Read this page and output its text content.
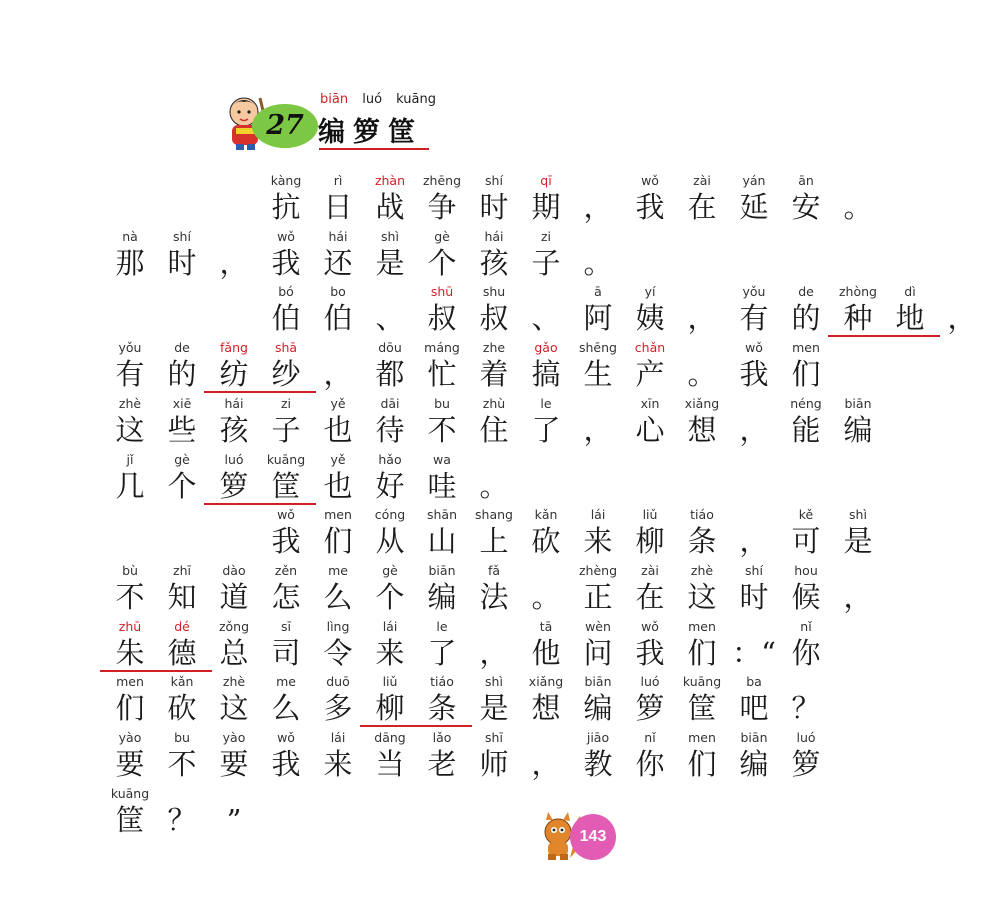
27
biān luó kuāng
编箩筐
kàng
抗
rì
日
zhàn
战
zhēng
争
shí
时
qī
期 ，
wǒ
我
zài
在
yán
延
ān
安 。
nà
那
shí
时 ，
wǒ
我
hái
还
shì
是
gè
个
hái
孩
zi
子 。
bó
伯
bo
伯 、
shū
叔
shu
叔 、
ā
阿
yí
姨 ，
yǒu
有
de
的
zhòng
种
dì
地 ，
yǒu
有
de
的
fǎng
纺
shā
纱 ，
dōu
都
máng
忙
zhe
着
gǎo
搞
shēng
生
chǎn
产 。
wǒ
我
men
们
zhè
这
xiē
些
hái
孩
zi
子
yě
也
dāi
待
bu
不
zhù
住
le
了 ，
xīn
心
xiǎng
想 ，
néng
能
biān
编
jǐ
几
gè
个
luó
箩
kuāng
筐
yě
也
hǎo
好
wa
哇 。
wǒ
我
men
们
cóng
从
shān
山
shang
上
kǎn
砍
lái
来
liǔ
柳
tiáo
条 ，
kě
可
shì
是
bù
不
zhī
知
dào
道
zěn
怎
me
么
gè
个
biān
编
fǎ
法 。
zhèng
正
zài
在
zhè
这
shí
时
hou
候 ，
zhū
朱
dé
德
zǒng
总
sī
司
lìng
令
lái
来
le
了 ，
tā
他
wèn
问
wǒ
我
men
们 ：“
nǐ
你
men
们
kǎn
砍
zhè
这
me
么
duō
多
liǔ
柳
tiáo
条
shì
是
xiǎng
想
biān
编
luó
箩
kuāng
筐
ba
吧 ？
yào
要
bu
不
yào
要
wǒ
我
lái
来
dāng
当
lǎo
老
shī
师 ，
jiāo
教
nǐ
你
men
们
biān
编
luó
箩
kuāng
筐 ？	”	143
